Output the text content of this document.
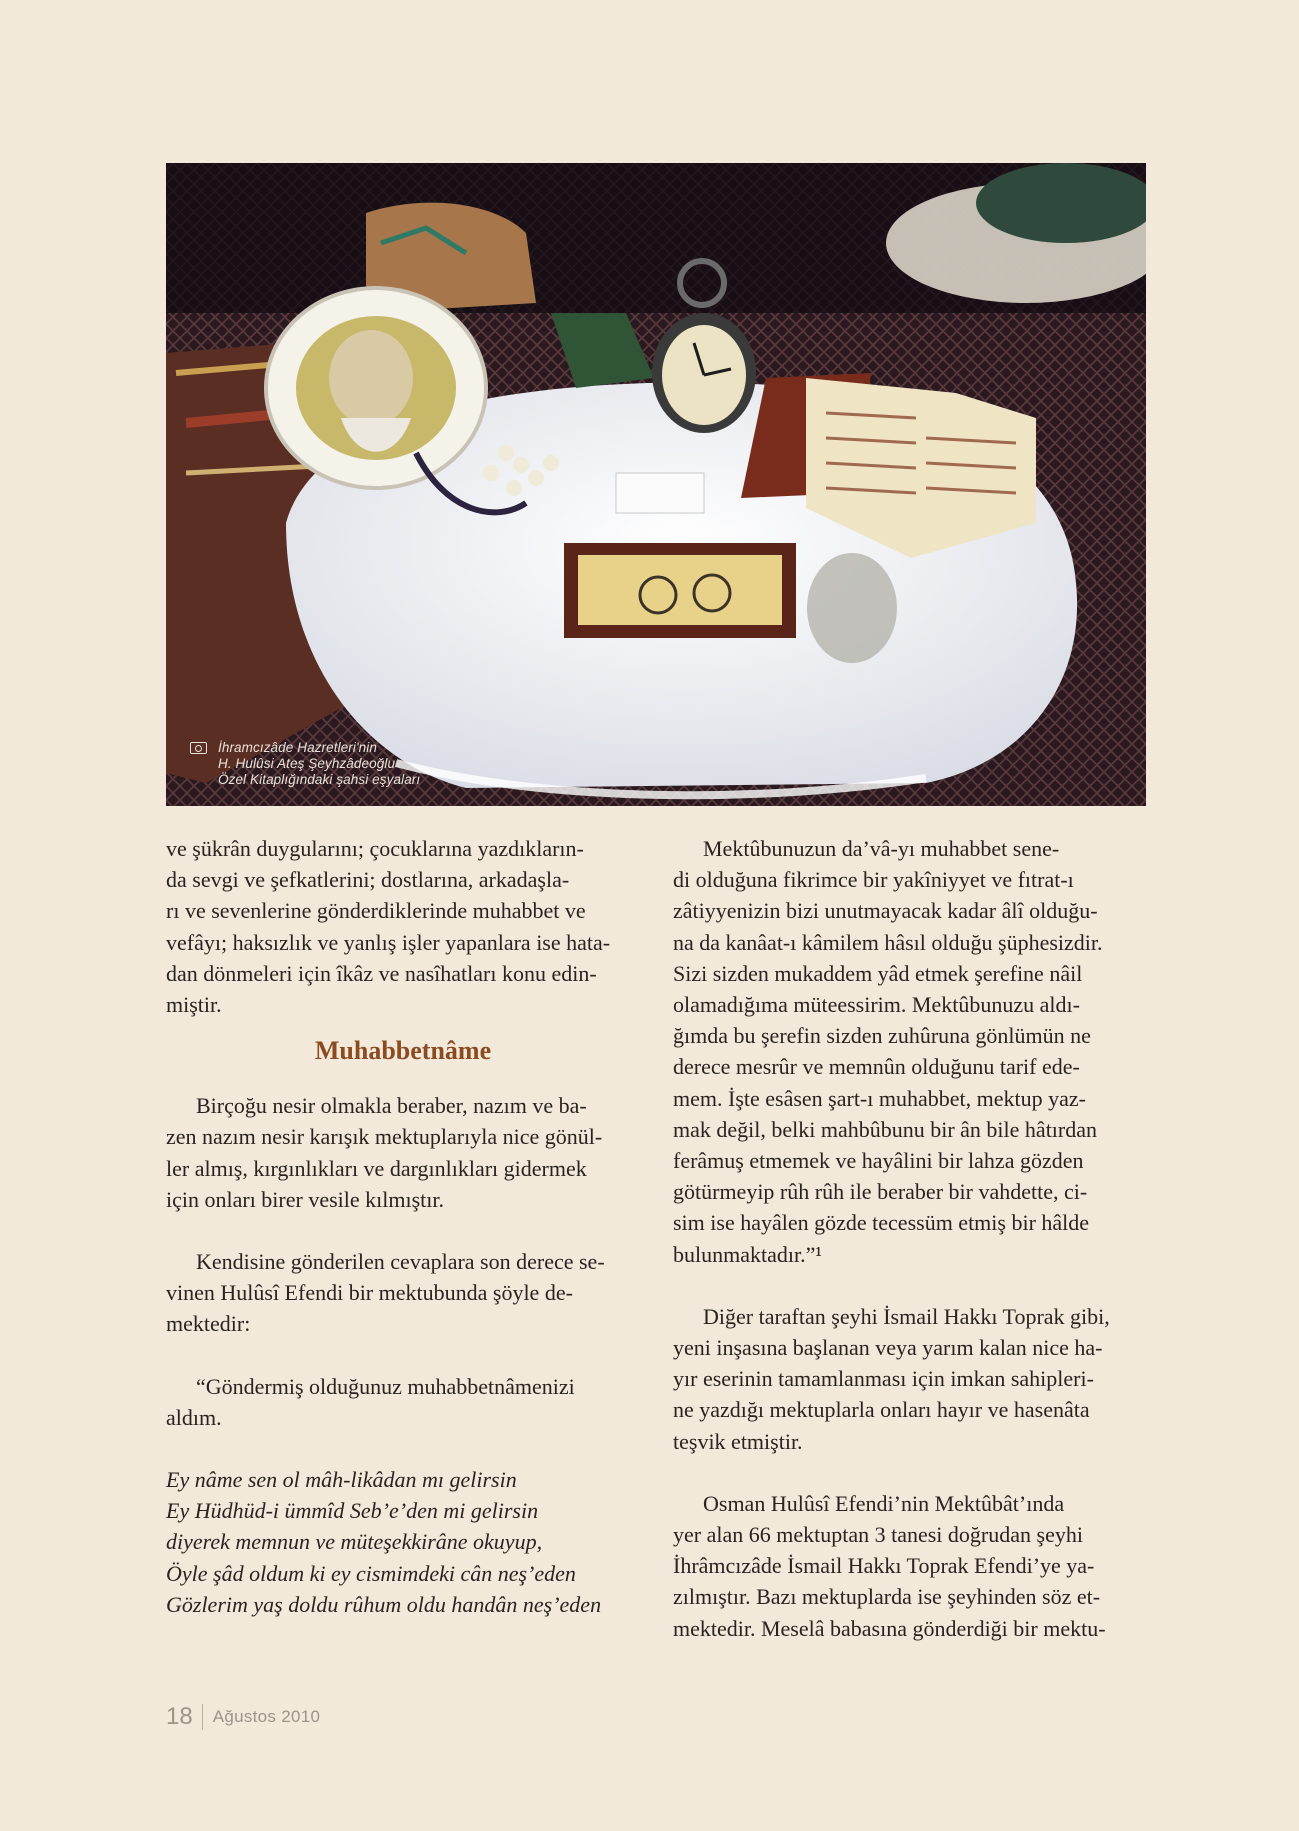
İhramcızâde Hazretleri'nin
H. Hulûsi Ateş Şeyhzâdeoğlu
Özel Kitaplığındaki şahsi eşyaları

ve şükrân duygularını; çocuklarına yazdıkların-

da sevgi ve şefkatlerini; dostlarına, arkadaşla-

rı ve sevenlerine gönderdiklerinde muhabbet ve

vefâyı; haksızlık ve yanlış işler yapanlara ise hata-

dan dönmeleri için îkâz ve nasîhatları konu edin-

miştir.

Muhabbetnâme

Birçoğu nesir olmakla beraber, nazım ve ba-

zen nazım nesir karışık mektuplarıyla nice gönül-

ler almış, kırgınlıkları ve dargınlıkları gidermek

için onları birer vesile kılmıştır.

Kendisine gönderilen cevaplara son derece se-

vinen Hulûsî Efendi bir mektubunda şöyle de-

mektedir:

“Göndermiş olduğunuz muhabbetnâmenizi

aldım.

Ey nâme sen ol mâh-likâdan mı gelirsin

Ey Hüdhüd-i ümmîd Seb’e’den mi gelirsin

diyerek memnun ve müteşekkirâne okuyup,

Öyle şâd oldum ki ey cismimdeki cân neş’eden

Gözlerim yaş doldu rûhum oldu handân neş’eden

Mektûbunuzun da’vâ-yı muhabbet sene-

di olduğuna fikrimce bir yakîniyyet ve fıtrat-ı

zâtiyyenizin bizi unutmayacak kadar âlî olduğu-

na da kanâat-ı kâmilem hâsıl olduğu şüphesizdir.

Sizi sizden mukaddem yâd etmek şerefine nâil

olamadığıma müteessirim. Mektûbunuzu aldı-

ğımda bu şerefin sizden zuhûruna gönlümün ne

derece mesrûr ve memnûn olduğunu tarif ede-

mem. İşte esâsen şart-ı muhabbet, mektup yaz-

mak değil, belki mahbûbunu bir ân bile hâtırdan

ferâmuş etmemek ve hayâlini bir lahza gözden

götürmeyip rûh rûh ile beraber bir vahdette, ci-

sim ise hayâlen gözde tecessüm etmiş bir hâlde

bulunmaktadır.”¹

Diğer taraftan şeyhi İsmail Hakkı Toprak gibi,

yeni inşasına başlanan veya yarım kalan nice ha-

yır eserinin tamamlanması için imkan sahipleri-

ne yazdığı mektuplarla onları hayır ve hasenâta

teşvik etmiştir.

Osman Hulûsî Efendi’nin Mektûbât’ında

yer alan 66 mektuptan 3 tanesi doğrudan şeyhi

İhrâmcızâde İsmail Hakkı Toprak Efendi’ye ya-

zılmıştır. Bazı mektuplarda ise şeyhinden söz et-

mektedir. Meselâ babasına gönderdiği bir mektu-

18 Ağustos 2010
